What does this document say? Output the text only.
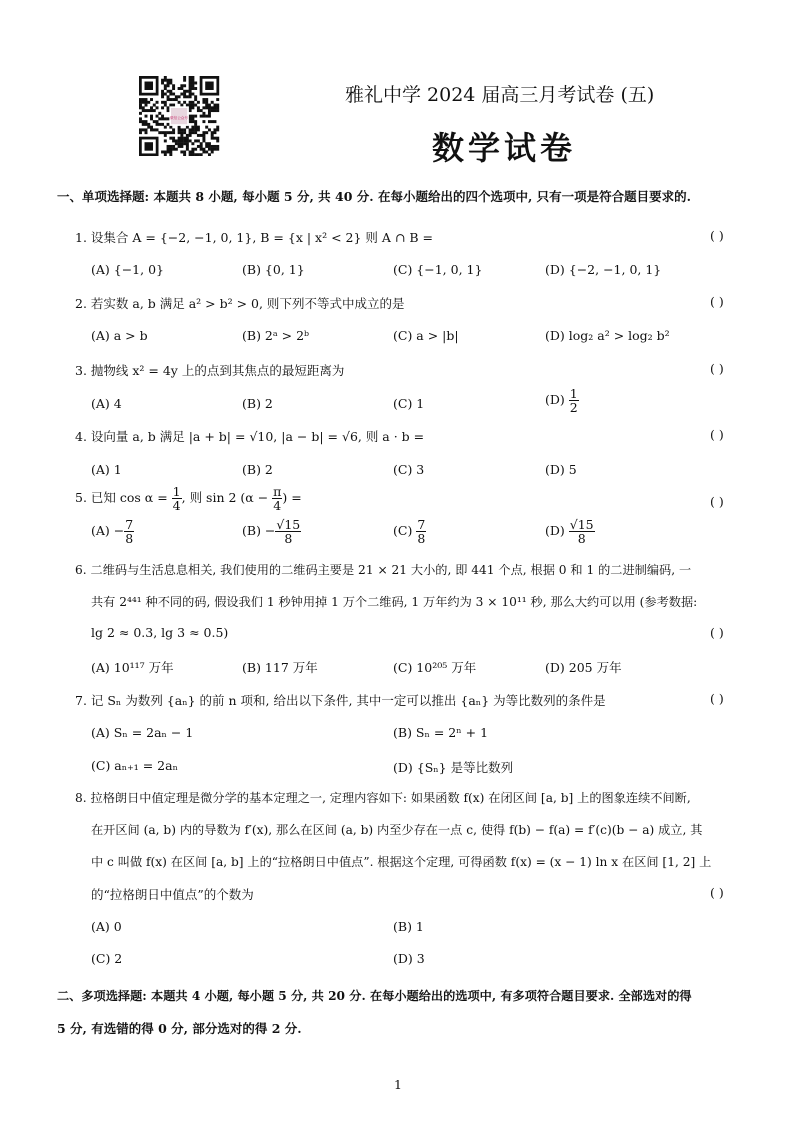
微信公众号
雅礼中学 2024 届高三月考试卷 (五)
数学试卷
一、单项选择题: 本题共 8 小题, 每小题 5 分, 共 40 分. 在每小题给出的四个选项中, 只有一项是符合题目要求的.
1. 设集合 A = {−2, −1, 0, 1}, B = {x | x² < 2} 则 A ∩ B =	( )
(A) {−1, 0}	(B) {0, 1}	(C) {−1, 0, 1}	(D) {−2, −1, 0, 1}
2. 若实数 a, b 满足 a² > b² > 0, 则下列不等式中成立的是	( )
(A) a > b	(B) 2ᵃ > 2ᵇ	(C) a > |b|	(D) log₂ a² > log₂ b²
3. 抛物线 x² = 4y 上的点到其焦点的最短距离为	( )
(A) 4	(B) 2	(C) 1	$(D) \frac{1}{2}$
4. 设向量 a, b 满足 |a + b| = √10, |a − b| = √6, 则 a · b =	( )
(A) 1	(B) 2	(C) 3	(D) 5
5. 已知 $\cos \alpha = \frac{1}{4}$ , 则 sin 2 ($\alpha - \frac{\pi}{4}$ ) =	( )
$(A) - \frac{7}{8}$	$(B) - \frac{√15}{8}$	$(C) \frac{7}{8}$	$(D) \frac{√15}{8}$
6. 二维码与生活息息相关, 我们使用的二维码主要是 21 × 21 大小的, 即 441 个点, 根据 0 和 1 的二进制编码, 一
共有 2⁴⁴¹ 种不同的码, 假设我们 1 秒钟用掉 1 万个二维码, 1 万年约为 3 × 10¹¹ 秒, 那么大约可以用 (参考数据:
lg 2 ≈ 0.3, lg 3 ≈ 0.5)	( )
(A) 10¹¹⁷ 万年	(B) 117 万年	(C) 10²⁰⁵ 万年	(D) 205 万年
7. 记 Sₙ 为数列 {aₙ} 的前 n 项和, 给出以下条件, 其中一定可以推出 {aₙ} 为等比数列的条件是	( )
(A) Sₙ = 2aₙ − 1	(B) Sₙ = 2ⁿ + 1
(C) aₙ₊₁ = 2aₙ	(D) {Sₙ} 是等比数列
8. 拉格朗日中值定理是微分学的基本定理之一, 定理内容如下: 如果函数 f(x) 在闭区间 [a, b] 上的图象连续不间断,
在开区间 (a, b) 内的导数为 f′(x), 那么在区间 (a, b) 内至少存在一点 c, 使得 f(b) − f(a) = f′(c)(b − a) 成立, 其
中 c 叫做 f(x) 在区间 [a, b] 上的“拉格朗日中值点”. 根据这个定理, 可得函数 f(x) = (x − 1) ln x 在区间 [1, 2] 上
的“拉格朗日中值点”的个数为	( )
(A) 0	(B) 1
(C) 2	(D) 3
二、多项选择题: 本题共 4 小题, 每小题 5 分, 共 20 分. 在每小题给出的选项中, 有多项符合题目要求. 全部选对的得
5 分, 有选错的得 0 分, 部分选对的得 2 分.
1
